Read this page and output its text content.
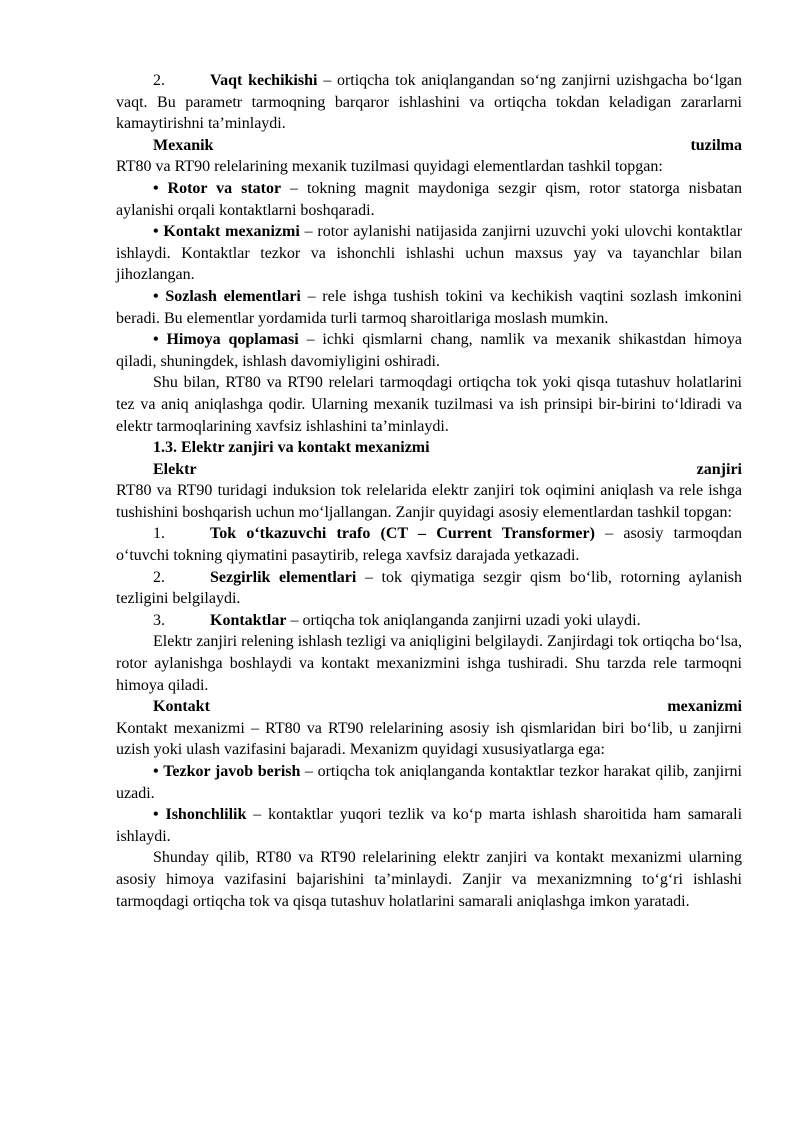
2.	Vaqt kechikishi – ortiqcha tok aniqlangandan so‘ng zanjirni uzishgacha bo‘lgan vaqt. Bu parametr tarmoqning barqaror ishlashini va ortiqcha tokdan keladigan zararlarni kamaytirishni ta’minlaydi.

Mexanik	tuzilma

RT80 va RT90 relelarining mexanik tuzilmasi quyidagi elementlardan tashkil topgan:

• Rotor va stator – tokning magnit maydoniga sezgir qism, rotor statorga nisbatan aylanishi orqali kontaktlarni boshqaradi.

• Kontakt mexanizmi – rotor aylanishi natijasida zanjirni uzuvchi yoki ulovchi kontaktlar ishlaydi. Kontaktlar tezkor va ishonchli ishlashi uchun maxsus yay va tayanchlar bilan jihozlangan.

• Sozlash elementlari – rele ishga tushish tokini va kechikish vaqtini sozlash imkonini beradi. Bu elementlar yordamida turli tarmoq sharoitlariga moslash mumkin.

• Himoya qoplamasi – ichki qismlarni chang, namlik va mexanik shikastdan himoya qiladi, shuningdek, ishlash davomiyligini oshiradi.

Shu bilan, RT80 va RT90 relelari tarmoqdagi ortiqcha tok yoki qisqa tutashuv holatlarini tez va aniq aniqlashga qodir. Ularning mexanik tuzilmasi va ish prinsipi bir-birini to‘ldiradi va elektr tarmoqlarining xavfsiz ishlashini ta’minlaydi.

1.3. Elektr zanjiri va kontakt mexanizmi

Elektr	zanjiri

RT80 va RT90 turidagi induksion tok relelarida elektr zanjiri tok oqimini aniqlash va rele ishga tushishini boshqarish uchun mo‘ljallangan. Zanjir quyidagi asosiy elementlardan tashkil topgan:

1.	Tok o‘tkazuvchi trafo (CT – Current Transformer) – asosiy tarmoqdan o‘tuvchi tokning qiymatini pasaytirib, relega xavfsiz darajada yetkazadi.

2.	Sezgirlik elementlari – tok qiymatiga sezgir qism bo‘lib, rotorning aylanish tezligini belgilaydi.

3.	Kontaktlar – ortiqcha tok aniqlanganda zanjirni uzadi yoki ulaydi.

Elektr zanjiri relening ishlash tezligi va aniqligini belgilaydi. Zanjirdagi tok ortiqcha bo‘lsa, rotor aylanishga boshlaydi va kontakt mexanizmini ishga tushiradi. Shu tarzda rele tarmoqni himoya qiladi.

Kontakt	mexanizmi

Kontakt mexanizmi – RT80 va RT90 relelarining asosiy ish qismlaridan biri bo‘lib, u zanjirni uzish yoki ulash vazifasini bajaradi. Mexanizm quyidagi xususiyatlarga ega:

• Tezkor javob berish – ortiqcha tok aniqlanganda kontaktlar tezkor harakat qilib, zanjirni uzadi.

• Ishonchlilik – kontaktlar yuqori tezlik va ko‘p marta ishlash sharoitida ham samarali ishlaydi.

Shunday qilib, RT80 va RT90 relelarining elektr zanjiri va kontakt mexanizmi ularning asosiy himoya vazifasini bajarishini ta’minlaydi. Zanjir va mexanizmning to‘g‘ri ishlashi tarmoqdagi ortiqcha tok va qisqa tutashuv holatlarini samarali aniqlashga imkon yaratadi.
